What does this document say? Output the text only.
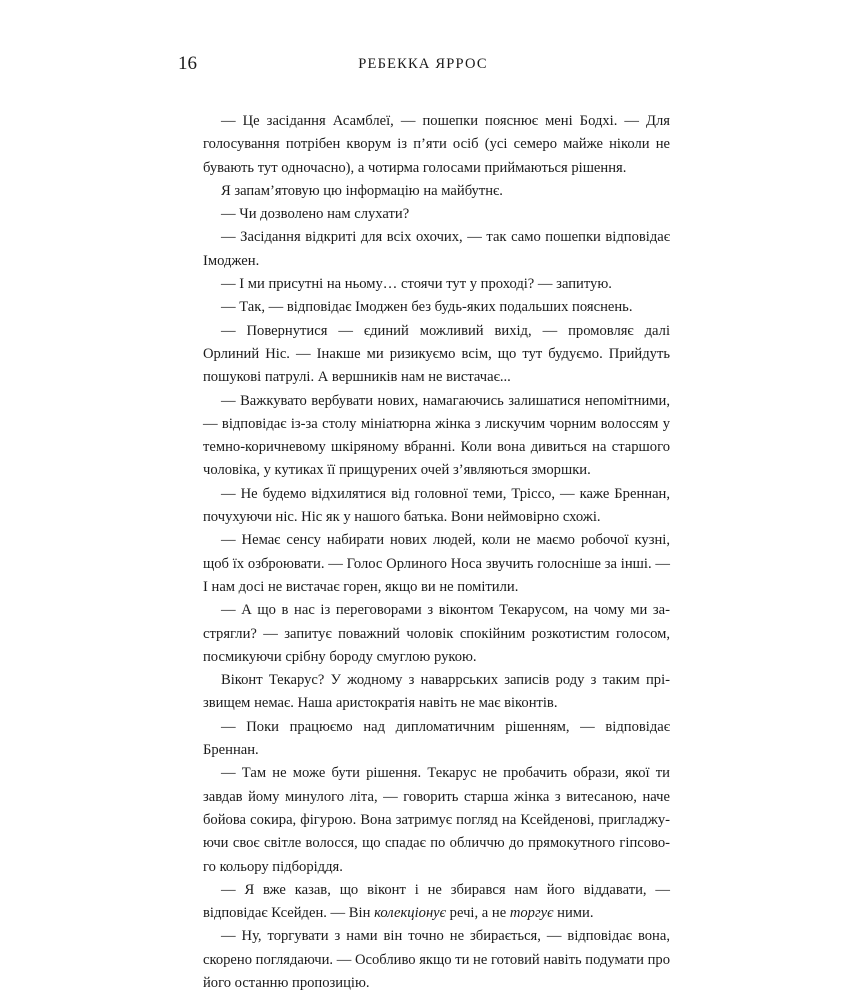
16	РЕБЕККА ЯРРОС

— Це засідання Асамблеї, — пошепки пояснює мені Бодхі. — Для голосування потрібен кворум із п’яти осіб (усі семеро майже ніколи не бувають тут одночасно), а чотирма голосами приймаються рішення.

Я запам’ятовую цю інформацію на майбутнє.

— Чи дозволено нам слухати?

— Засідання відкриті для всіх охочих, — так само пошепки відповідає Імоджен.

— І ми присутні на ньому… стоячи тут у проході? — запитую.

— Так, — відповідає Імоджен без будь-яких подальших пояснень.

— Повернутися — єдиний можливий вихід, — промовляє далі Орлиний Ніс. — Інакше ми ризикуємо всім, що тут будуємо. Прийдуть пошукові патрулі. А вершників нам не вистачає...

— Важкувато вербувати нових, намагаючись залишатися непомітними, — відповідає із-за столу мініатюрна жінка з лискучим чорним волоссям у темно-коричневому шкіряному вбранні. Коли вона дивиться на старшого чоловіка, у кутиках її прищурених очей з’являються зморшки.

— Не будемо відхилятися від головної теми, Тріссо, — каже Бреннан, почухуючи ніс. Ніс як у нашого батька. Вони неймовірно схожі.

— Немає сенсу набирати нових людей, коли не маємо робочої кузні, щоб їх озброювати. — Голос Орлиного Носа звучить голосніше за інші. — І нам досі не вистачає горен, якщо ви не помітили.

— А що в нас із переговорами з віконтом Текарусом, на чому ми застрягли? — запитує поважний чоловік спокійним розкотистим голосом, посмикуючи срібну бороду смуглою рукою.

Віконт Текарус? У жодному з наваррських записів роду з таким прізвищем немає. Наша аристократія навіть не має віконтів.

— Поки працюємо над дипломатичним рішенням, — відповідає Бреннан.

— Там не може бути рішення. Текарус не пробачить образи, якої ти завдав йому минулого літа, — говорить старша жінка з витесаною, наче бойова сокира, фігурою. Вона затримує погляд на Ксейденові, пригладжуючи своє світле волосся, що спадає по обличчю до прямокутного гіпсового кольору підборіддя.

— Я вже казав, що віконт і не збирався нам його віддавати, — відповідає Ксейден. — Він колекціонує речі, а не торгує ними.

— Ну, торгувати з нами він точно не збирається, — відповідає вона, скорено поглядаючи. — Особливо якщо ти не готовий навіть подумати про його останню пропозицію.
